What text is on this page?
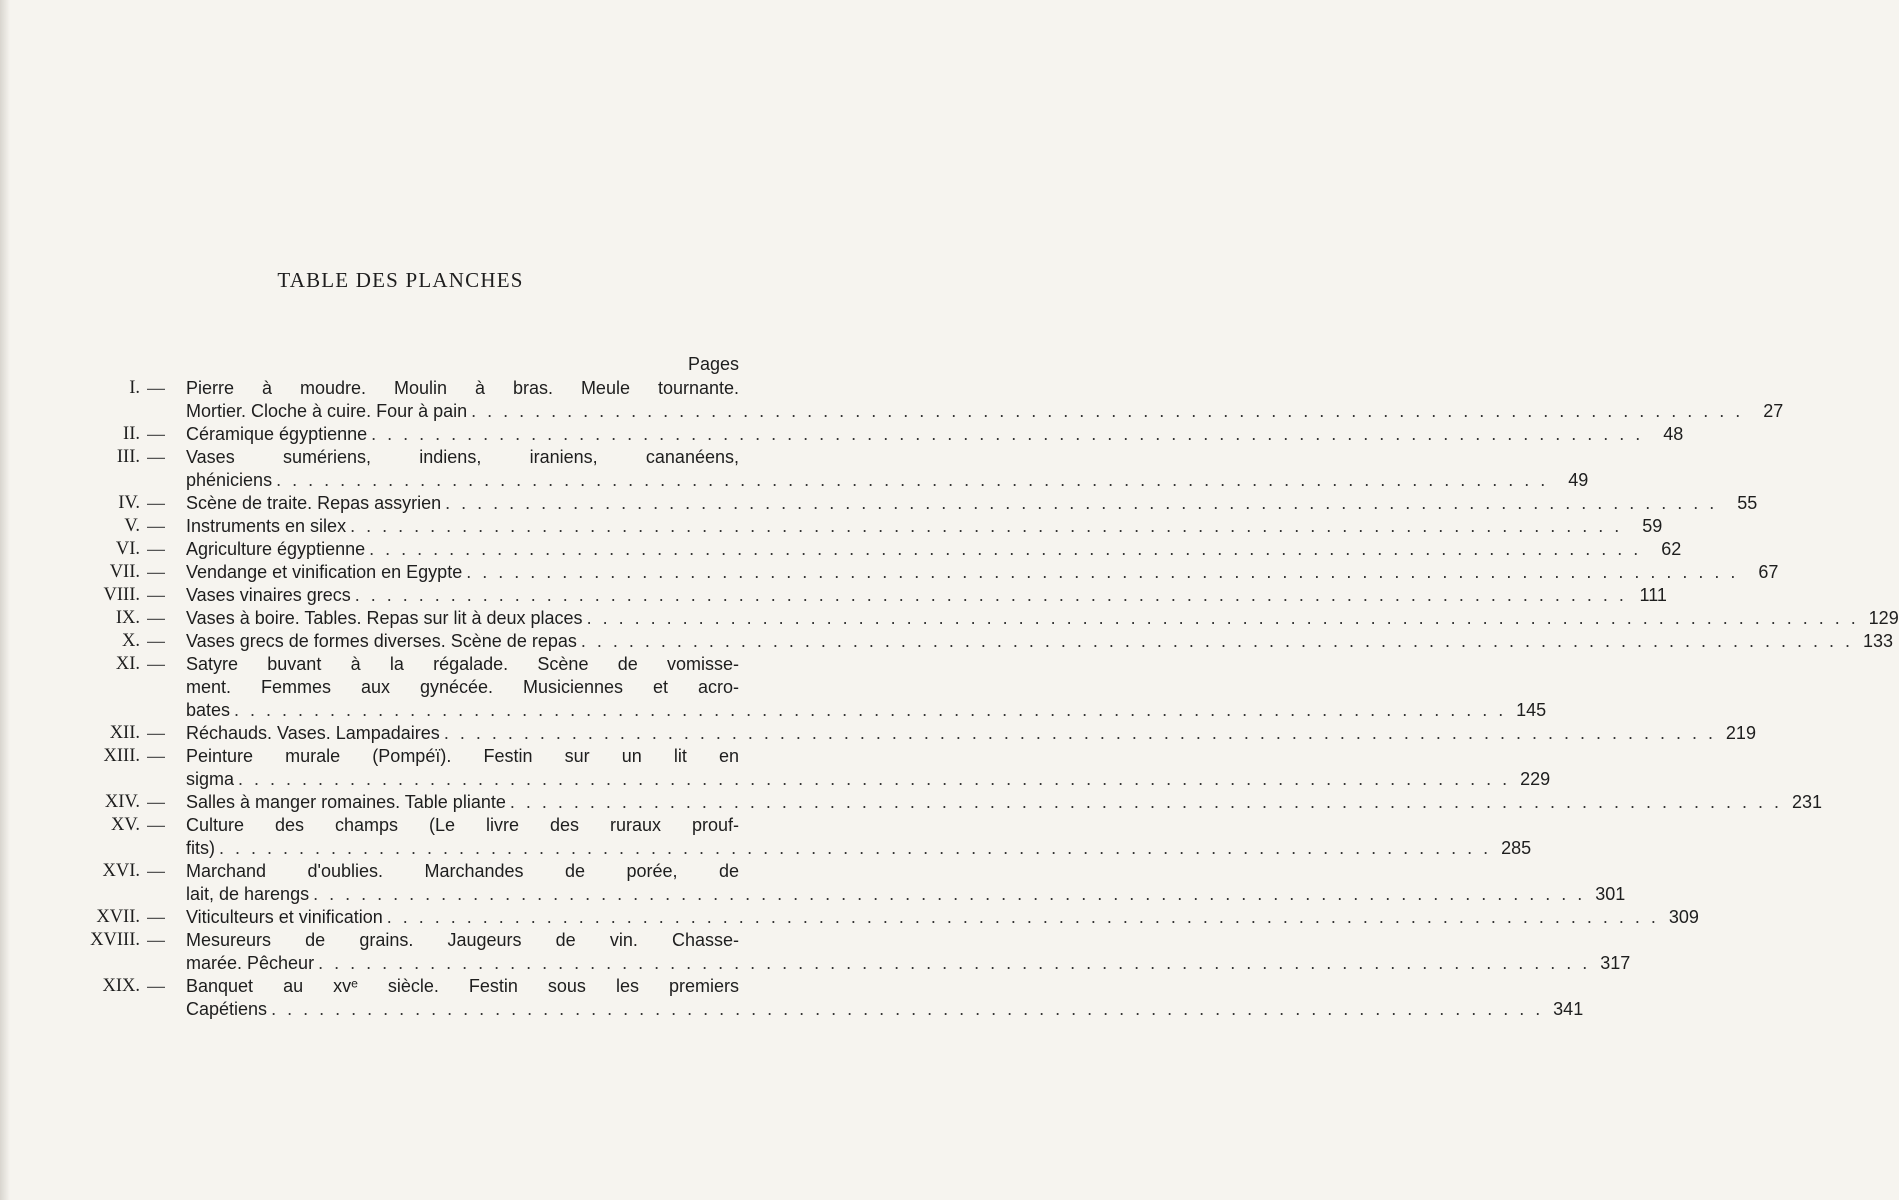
TABLE DES PLANCHES
Pages
I. — Pierre à moudre. Moulin à bras. Meule tournante.
Mortier. Cloche à cuire. Four à pain . . . . . . . . . . . . . . . . . . . . . . . . . . . . . . . . . . . . . . . . . . . . . . . . . . . . . . . . . . . . . . . . . . . . . . . . . . . . . . . .	27
II. — Céramique égyptienne . . . . . . . . . . . . . . . . . . . . . . . . . . . . . . . . . . . . . . . . . . . . . . . . . . . . . . . . . . . . . . . . . . . . . . . . . . . . . . . .	48
III. — Vases sumériens, indiens, iraniens, cananéens,
phéniciens . . . . . . . . . . . . . . . . . . . . . . . . . . . . . . . . . . . . . . . . . . . . . . . . . . . . . . . . . . . . . . . . . . . . . . . . . . . . . . . .	49
IV. — Scène de traite. Repas assyrien . . . . . . . . . . . . . . . . . . . . . . . . . . . . . . . . . . . . . . . . . . . . . . . . . . . . . . . . . . . . . . . . . . . . . . . . . . . . . . . .	55
V. — Instruments en silex . . . . . . . . . . . . . . . . . . . . . . . . . . . . . . . . . . . . . . . . . . . . . . . . . . . . . . . . . . . . . . . . . . . . . . . . . . . . . . . .	59
VI. — Agriculture égyptienne . . . . . . . . . . . . . . . . . . . . . . . . . . . . . . . . . . . . . . . . . . . . . . . . . . . . . . . . . . . . . . . . . . . . . . . . . . . . . . . .	62
VII. — Vendange et vinification en Egypte . . . . . . . . . . . . . . . . . . . . . . . . . . . . . . . . . . . . . . . . . . . . . . . . . . . . . . . . . . . . . . . . . . . . . . . . . . . . . . . .	67
VIII. — Vases vinaires grecs . . . . . . . . . . . . . . . . . . . . . . . . . . . . . . . . . . . . . . . . . . . . . . . . . . . . . . . . . . . . . . . . . . . . . . . . . . . . . . . . 111
IX. — Vases à boire. Tables. Repas sur lit à deux places . . . . . . . . . . . . . . . . . . . . . . . . . . . . . . . . . . . . . . . . . . . . . . . . . . . . . . . . . . . . . . . . . . . . . . . . . . . . . . . . 129
X. — Vases grecs de formes diverses. Scène de repas . . . . . . . . . . . . . . . . . . . . . . . . . . . . . . . . . . . . . . . . . . . . . . . . . . . . . . . . . . . . . . . . . . . . . . . . . . . . . . . . 133
XI. — Satyre buvant à la régalade. Scène de vomisse-
ment. Femmes aux gynécée. Musiciennes et acro-
bates . . . . . . . . . . . . . . . . . . . . . . . . . . . . . . . . . . . . . . . . . . . . . . . . . . . . . . . . . . . . . . . . . . . . . . . . . . . . . . . . 145
XII. — Réchauds. Vases. Lampadaires . . . . . . . . . . . . . . . . . . . . . . . . . . . . . . . . . . . . . . . . . . . . . . . . . . . . . . . . . . . . . . . . . . . . . . . . . . . . . . . . 219
XIII. — Peinture murale (Pompéï). Festin sur un lit en
sigma . . . . . . . . . . . . . . . . . . . . . . . . . . . . . . . . . . . . . . . . . . . . . . . . . . . . . . . . . . . . . . . . . . . . . . . . . . . . . . . . 229
XIV. — Salles à manger romaines. Table pliante . . . . . . . . . . . . . . . . . . . . . . . . . . . . . . . . . . . . . . . . . . . . . . . . . . . . . . . . . . . . . . . . . . . . . . . . . . . . . . . . 231
XV. — Culture des champs (Le livre des ruraux prouf-
fits) . . . . . . . . . . . . . . . . . . . . . . . . . . . . . . . . . . . . . . . . . . . . . . . . . . . . . . . . . . . . . . . . . . . . . . . . . . . . . . . . 285
XVI. — Marchand d'oublies. Marchandes de porée, de
lait, de harengs . . . . . . . . . . . . . . . . . . . . . . . . . . . . . . . . . . . . . . . . . . . . . . . . . . . . . . . . . . . . . . . . . . . . . . . . . . . . . . . . 301
XVII. — Viticulteurs et vinification . . . . . . . . . . . . . . . . . . . . . . . . . . . . . . . . . . . . . . . . . . . . . . . . . . . . . . . . . . . . . . . . . . . . . . . . . . . . . . . . 309
XVIII. — Mesureurs de grains. Jaugeurs de vin. Chasse-
marée. Pêcheur . . . . . . . . . . . . . . . . . . . . . . . . . . . . . . . . . . . . . . . . . . . . . . . . . . . . . . . . . . . . . . . . . . . . . . . . . . . . . . . . 317
XIX. — Banquet au xvᵉ siècle. Festin sous les premiers
Capétiens . . . . . . . . . . . . . . . . . . . . . . . . . . . . . . . . . . . . . . . . . . . . . . . . . . . . . . . . . . . . . . . . . . . . . . . . . . . . . . . . 341
